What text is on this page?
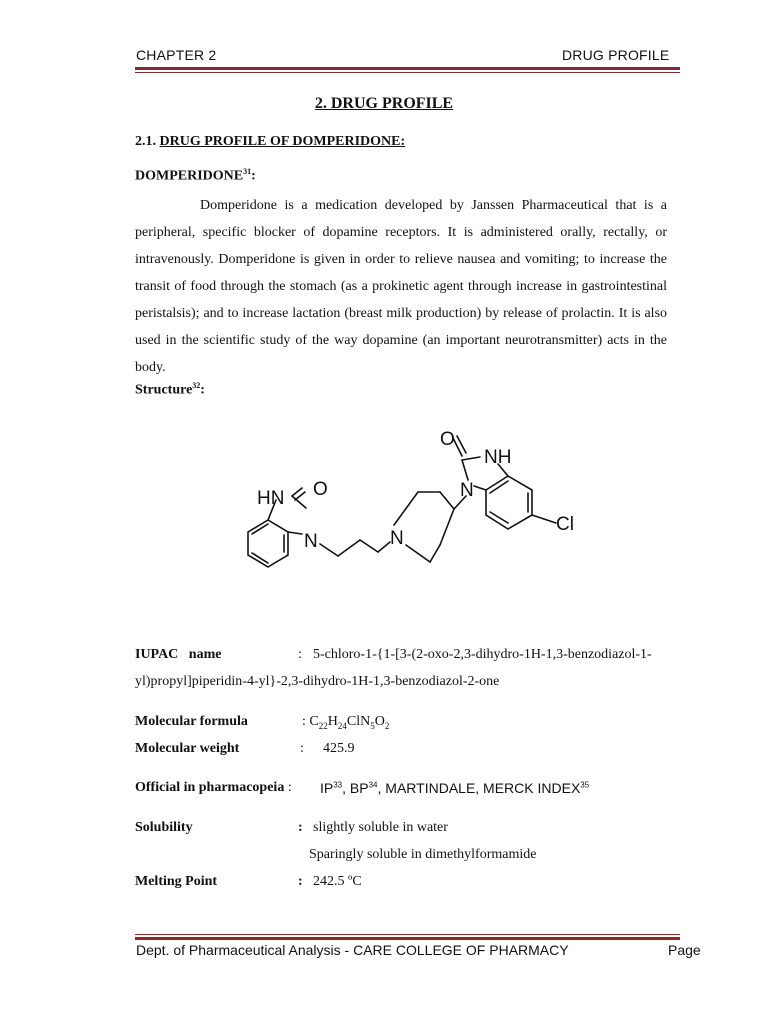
CHAPTER 2	DRUG PROFILE
2. DRUG PROFILE
2.1. DRUG PROFILE OF DOMPERIDONE:
DOMPERIDONE$^{31}$:
Domperidone is a medication developed by Janssen Pharmaceutical that is a peripheral, specific blocker of dopamine receptors. It is administered orally, rectally, or intravenously. Domperidone is given in order to relieve nausea and vomiting; to increase the transit of food through the stomach (as a prokinetic agent through increase in gastrointestinal peristalsis); and to increase lactation (breast milk production) by release of prolactin. It is also used in the scientific study of the way dopamine (an important neurotransmitter) acts in the body.
Structure$^{32}$:
HN O
N	N
N
O
NH
Cl
IUPAC   name	: 5-chloro-1-{1-[3-(2-oxo-2,3-dihydro-1H-1,3-benzodiazol-1-
yl)propyl]piperidin-4-yl}-2,3-dihydro-1H-1,3-benzodiazol-2-one
Molecular formula	: $C_{22}H_{24}ClN_5O_2$
Molecular weight	: 425.9
Official in pharmacopeia : IP$^{33}$, BP$^{34}$, MARTINDALE, MERCK INDEX$^{35}$
Solubility	: slightly soluble in water
Sparingly soluble in dimethylformamide
Melting Point	: 242.5 ºC
Dept. of Pharmaceutical Analysis - CARE COLLEGE OF PHARMACY	Page
